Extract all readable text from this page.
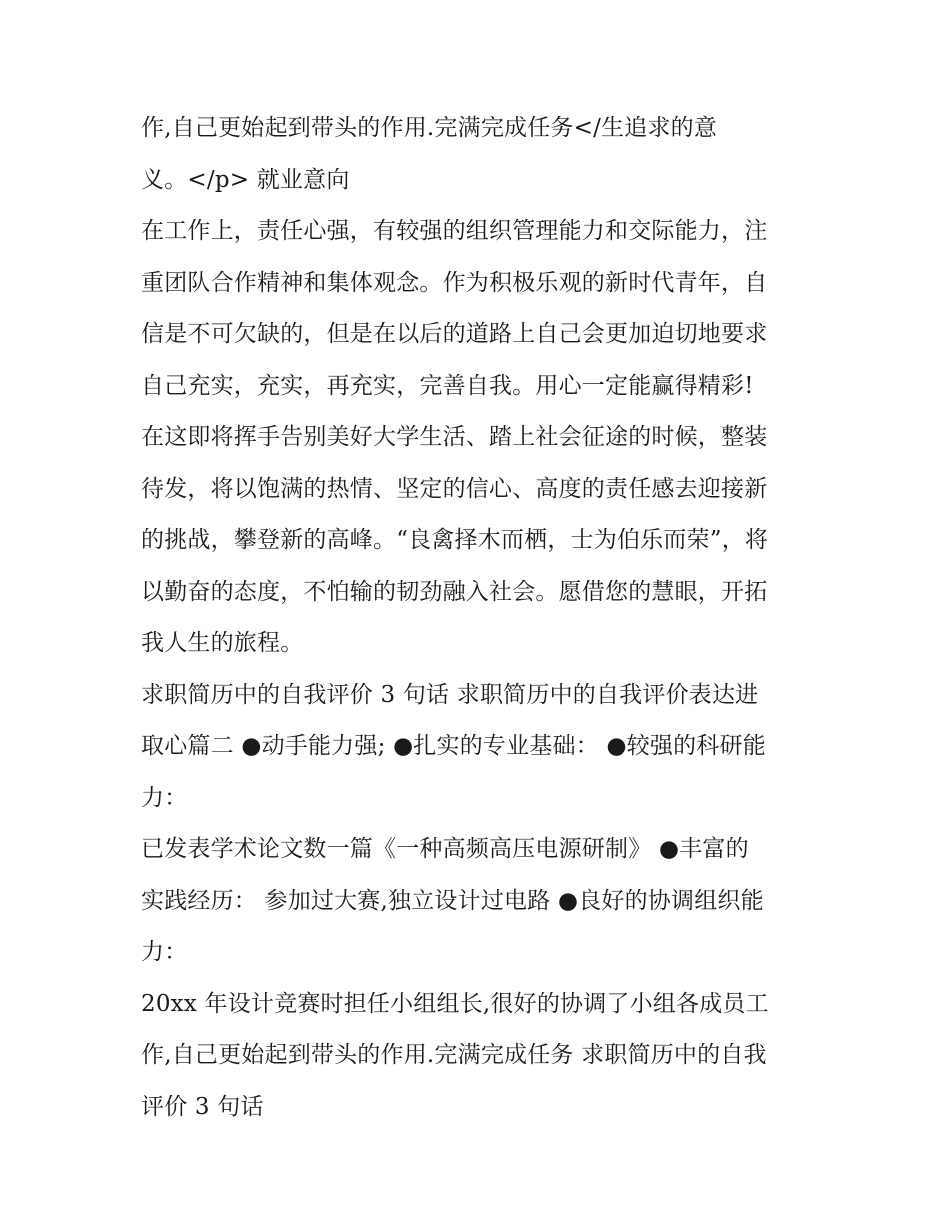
作,自己更始起到带头的作用.完满完成任务</生追求的意
义。</p> 就业意向
在工作上，责任心强，有较强的组织管理能力和交际能力，注
重团队合作精神和集体观念。作为积极乐观的新时代青年，自
信是不可欠缺的，但是在以后的道路上自己会更加迫切地要求
自己充实，充实，再充实，完善自我。用心一定能赢得精彩!
在这即将挥手告别美好大学生活、踏上社会征途的时候，整装
待发，将以饱满的热情、坚定的信心、高度的责任感去迎接新
的挑战，攀登新的高峰。“良禽择木而栖，士为伯乐而荣”，将
以勤奋的态度，不怕输的韧劲融入社会。愿借您的慧眼，开拓
我人生的旅程。
求职简历中的自我评价 3 句话 求职简历中的自我评价表达进
取心篇二 ●动手能力强; ●扎实的专业基础： ●较强的科研能
力：
已发表学术论文数一篇《一种高频高压电源研制》 ●丰富的
实践经历： 参加过大赛,独立设计过电路 ●良好的协调组织能
力：
20xx 年设计竞赛时担任小组组长,很好的协调了小组各成员工
作,自己更始起到带头的作用.完满完成任务 求职简历中的自我
评价 3 句话
